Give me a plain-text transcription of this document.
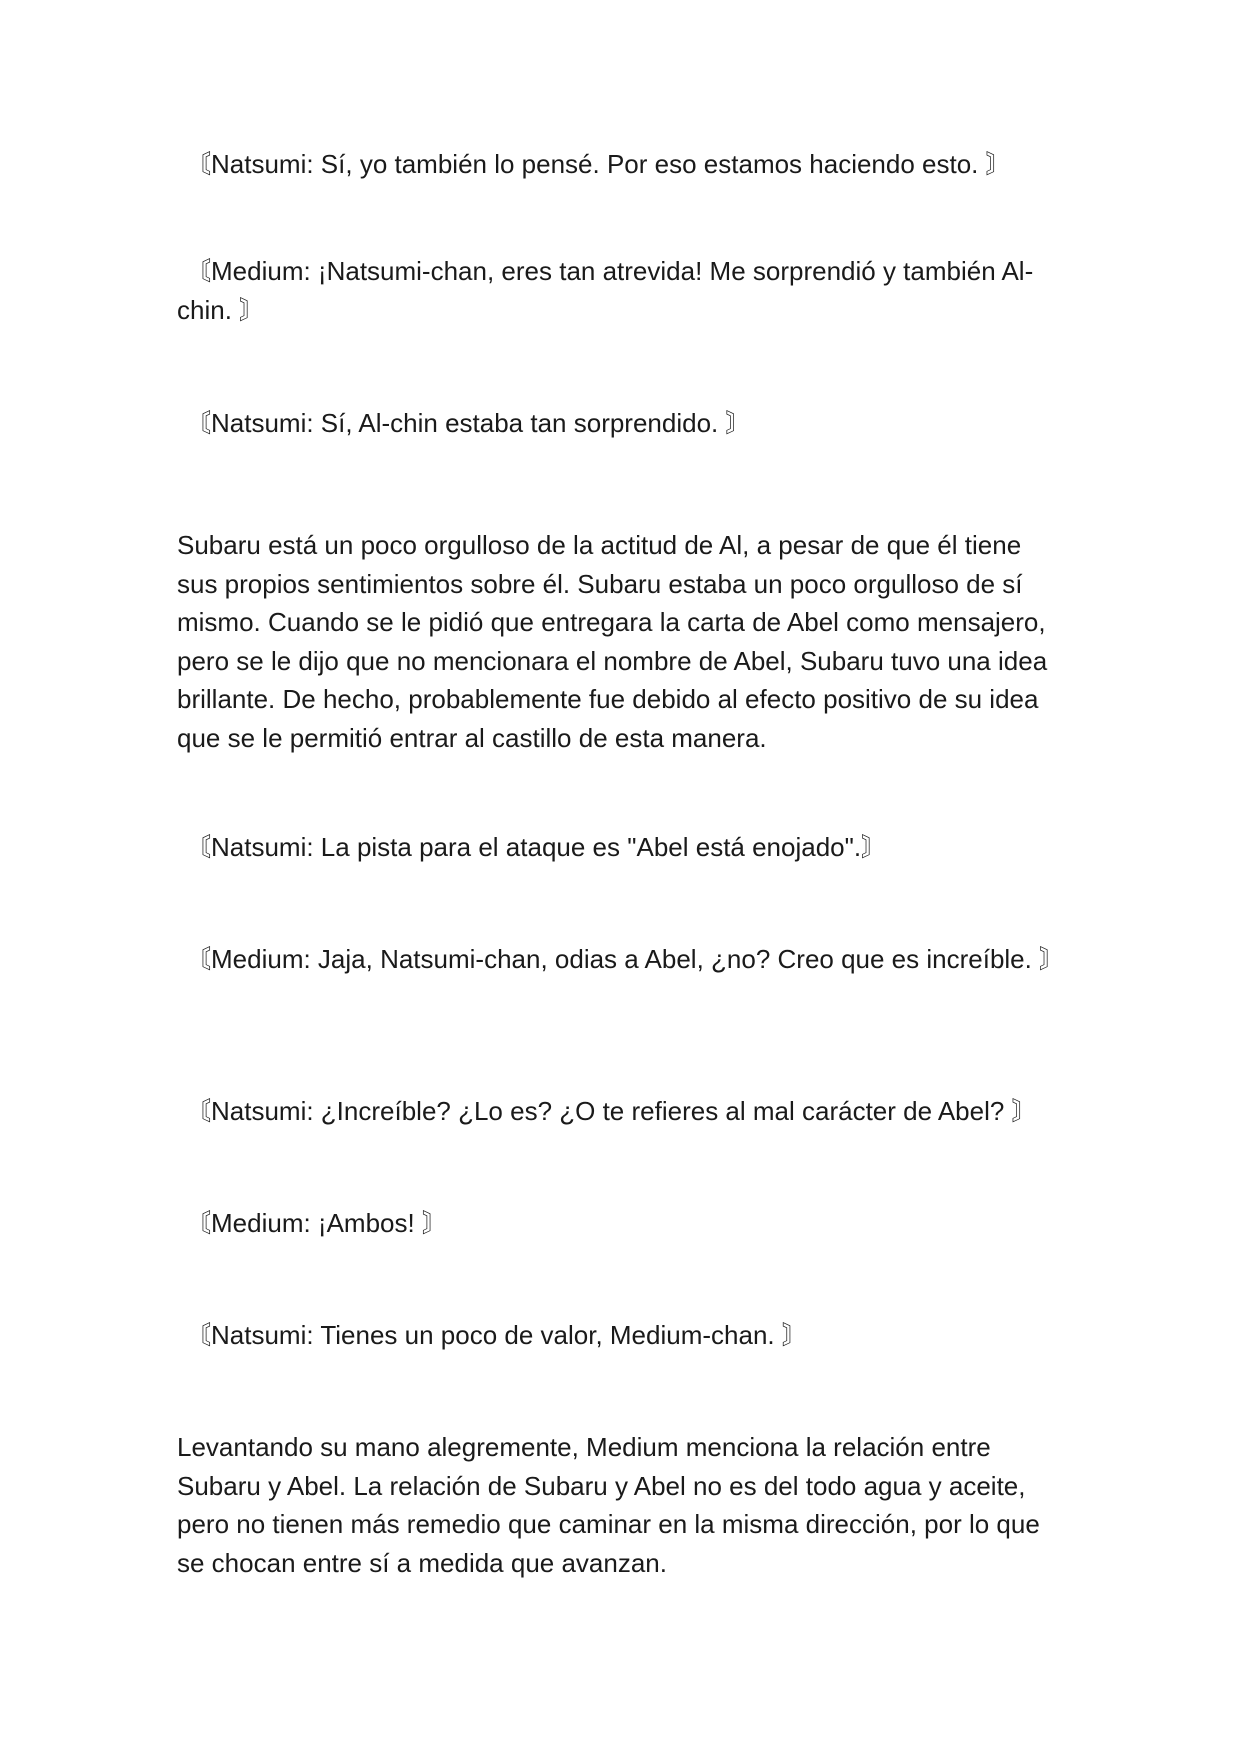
〘Natsumi: Sí, yo también lo pensé. Por eso estamos haciendo esto. 〙

〘Medium: ¡Natsumi-chan, eres tan atrevida! Me sorprendió y también Al-chin. 〙

〘Natsumi: Sí, Al-chin estaba tan sorprendido. 〙

Subaru está un poco orgulloso de la actitud de Al, a pesar de que él tiene sus propios sentimientos sobre él. Subaru estaba un poco orgulloso de sí mismo. Cuando se le pidió que entregara la carta de Abel como mensajero, pero se le dijo que no mencionara el nombre de Abel, Subaru tuvo una idea brillante. De hecho, probablemente fue debido al efecto positivo de su idea que se le permitió entrar al castillo de esta manera.

〘Natsumi: La pista para el ataque es "Abel está enojado".〙

〘Medium: Jaja, Natsumi-chan, odias a Abel, ¿no? Creo que es increíble. 〙

〘Natsumi: ¿Increíble? ¿Lo es? ¿O te refieres al mal carácter de Abel? 〙

〘Medium: ¡Ambos! 〙

〘Natsumi: Tienes un poco de valor, Medium-chan. 〙

Levantando su mano alegremente, Medium menciona la relación entre Subaru y Abel. La relación de Subaru y Abel no es del todo agua y aceite, pero no tienen más remedio que caminar en la misma dirección, por lo que se chocan entre sí a medida que avanzan.
